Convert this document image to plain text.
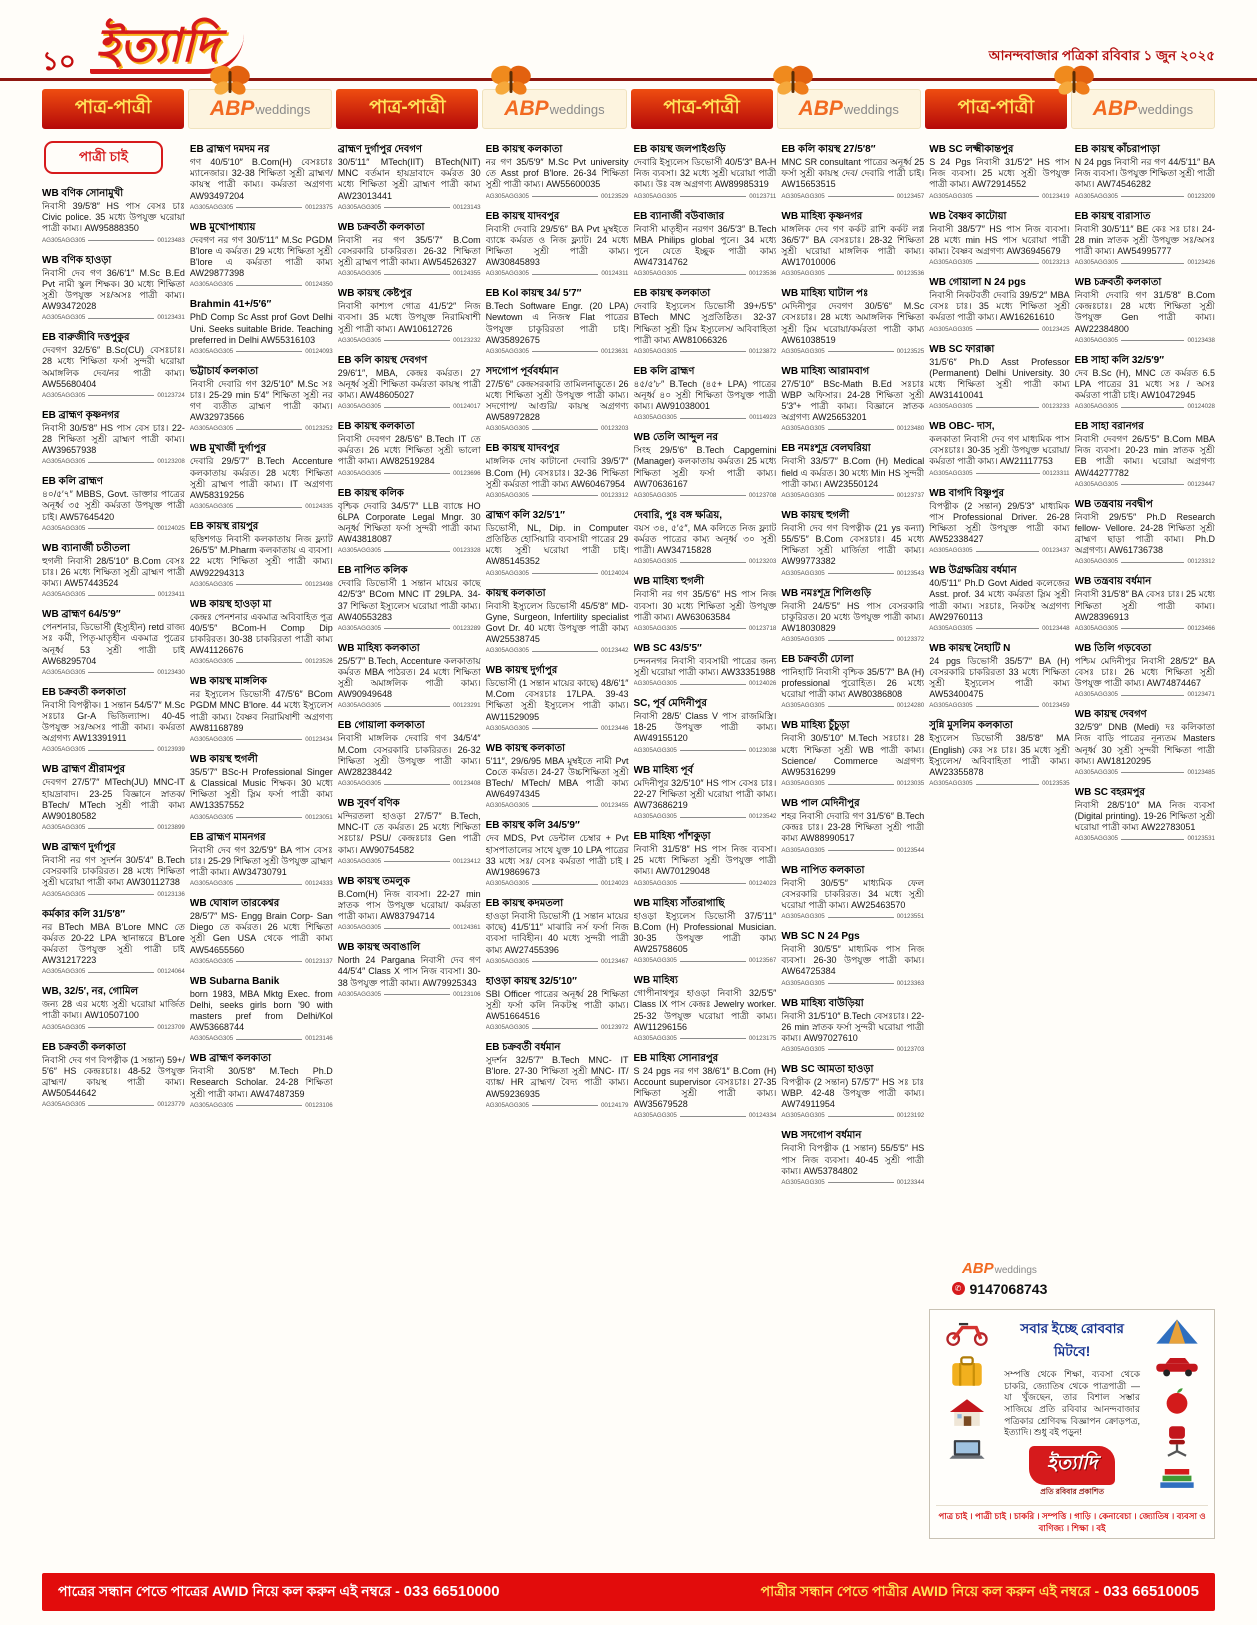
১০ ইত্যাদি	আনন্দবাজার পত্রিকা রবিবার ১ জুন ২০২৫
পাত্র-পাত্রী	ABP weddings	পাত্র-পাত্রী	ABP weddings	পাত্র-পাত্রী	ABP weddings	পাত্র-পাত্রী	ABP weddings
পাত্রী চাই
WB বণিক সোনামুখী
নিবাসী 39/5′8″ HS পাস বেসঃ চাঃ Civic police. 35 মধ্যে উপযুক্ত ঘরোয়া পাত্রী কাম্য। AW95888350
AG305AGG305	00123483
WB বণিক হাওড়া
নিবাসী দেব গণ 36/6′1″ M.Sc B.Ed Pvt নামী স্কুল শিক্ষক। 30 মধ্যে শিক্ষিতা সুশ্রী উপযুক্ত সঃ/অসঃ পাত্রী কাম্য। AW93472028
AG305AGG305	00123431
EB বারুজীবি দত্তপুকুর
দেবগণ 32/5′6″ B.Sc(CU) বেসঃচাঃ। 28 মধ্যে শিক্ষিতা ফর্সা সুন্দরী ঘরোয়া অমাঙ্গলিক দেব/নর পাত্রী কাম্য। AW55680404
AG305AGG305	00123724
EB ব্রাহ্মণ কৃষ্ণনগর
নিবাসী 30/5′8″ HS পাস বেস চাঃ। 22-28 শিক্ষিতা সুশ্রী ব্রাহ্মণ পাত্রী কাম্য। AW39657938
AG305AGG305	00123208
EB কলি ব্রাহ্মণ
৪০/৫′৭″ MBBS, Govt. ডাক্তার পাত্রের অনূর্ধ্ব ৩৫ সুশ্রী কর্মরতা উপযুক্ত পাত্রী চাই। AW57645420
AG305AGG305	00124025
WB ব্যানার্জী চতীতলা
হুগলী নিবাসী 28/5′10″ B.Com বেসঃ চাঃ। 26 মধ্যে শিক্ষিতা সুশ্রী ব্রাহ্মণ পাত্রী কাম্য। AW57443524
AG305AGG305	00123411
WB ব্রাহ্মণ 64/5′9″
পেনশনার, ডিভোর্সী (ইস্যুহীন) retd রাজ্য সঃ কর্মী, পিতৃ-মাতৃহীন একমাত্র পুত্রের অনূর্ধ্ব 53 সুশ্রী পাত্রী চাই AW68295704
AG305AGG305	00123430
EB চক্রবর্তী কলকাতা
নিবাসী বিপত্নীক। 1 সন্তান 54/5′7″ M.Sc সঃচাঃ Gr-A ভিজিল্যান্স। 40-45 উপযুক্ত সঃ/অসঃ পাত্রী কাম্য। কর্মরতা অগ্রগণ্য AW13391911
AG305AGG305	00123939
WB ব্রাহ্মণ শ্রীরামপুর
দেবগণ 27/5′7″ MTech(JU) MNC-IT হায়দ্রাবাদ। 23-25 বিজ্ঞানে স্নাতক/ BTech/ MTech সুশ্রী পাত্রী কাম্য AW90180582
AG305AGG305	00123899
WB ব্রাহ্মণ দুর্গাপুর
নিবাসী নর গণ সুদর্শন 30/5′4″ B.Tech বেসরকারি চাকরিরত। 28 মধ্যে শিক্ষিতা সুশ্রী ঘরোয়া পাত্রী কাম্য AW30112738
AG305AGG305	00123136
কর্মকার কলি 31/5′8″
নর BTech MBA B'Lore MNC তে কর্মরত 20-22 LPA স্থানান্তরে B'Lore কর্মরতা উপযুক্ত সুশ্রী পাত্রী চাই AW31217223
AG305AGG305	00124064
WB, 32/5′, নর, গোমিল
জন্য 28 এর মধ্যে সুশ্রী ঘরোয়া মার্জিত পাত্রী কাম্য। AW10507100
AG305AGG305	00123709
EB চক্রবর্তী কলকাতা
নিবাসী দেব গণ বিপত্নীক (1 সন্তান) 59+/ 5′6″ HS কেন্দ্রঃচাঃ। 48-52 উপযুক্ত ব্রাহ্মণ/ কায়স্থ পাত্রী কাম্য। AW50544642
AG305AGG305	00123779
EB ব্রাহ্মণ দমদম নর
গণ 40/5′10″ B.Com(H) বেসঃচাঃ ম্যানেজার। 32-38 শিক্ষিতা সুশ্রী ব্রাহ্মণ/ কায়স্থ পাত্রী কাম্য। কর্মরতা অগ্রগণ্য AW93497204
AG305AGG305	00123375
WB মুখোপাধ্যায়
দেবগণ নর গণ 30/5′11″ M.Sc PGDM B'lore এ কর্মরত। 29 মধ্যে শিক্ষিতা সুশ্রী B'lore এ কর্মরতা পাত্রী কাম্য AW29877398
AG305AGG305	00124350
Brahmin 41+/5′6″
PhD Comp Sc Asst prof Govt Delhi Uni. Seeks suitable Bride. Teaching preferred in Delhi AW55316103
AG305AGG305	00124093
ভট্টাচার্য কলকাতা
নিবাসী দেবারি গণ 32/5′10″ M.Sc সঃ চাঃ। 25-29 min 5′4″ শিক্ষিতা সুশ্রী নর গণ ব্যতীত ব্রাহ্মণ পাত্রী কাম্য। AW32973566
AG305AGG305	00123252
WB মুখার্জী দুর্গাপুর
দেবারি 29/5′7″ B.Tech Accenture কলকাতায় কর্মরত। 28 মধ্যে শিক্ষিতা সুশ্রী ব্রাহ্মণ পাত্রী কাম্য। IT অগ্রগণ্য AW58319256
AG305AGG305	00124335
EB কায়স্থ রায়পুর
ছত্তিশগড় নিবাসী কলকাতায় নিজ ফ্ল্যাট 26/5′5″ M.Pharm কলকাতায় এ ব্যবসা। 22 মধ্যে শিক্ষিতা সুশ্রী পাত্রী কাম্য। AW92294313
AG305AGG305	00123498
WB কায়স্থ হাওড়া মা
কেন্দ্রঃ পেনশনার একমাত্র অবিবাহিত পুত্র 40/5′5″ BCom-H Comp Dip চাকরিরত। 30-38 চাকরিরতা পাত্রী কাম্য AW41126676
AG305AGG305	00123526
WB কায়স্থ মাঙ্গলিক
নর ইস্যুলেস ডিভোর্সী 47/5′6″ BCom PGDM MNC B'lore. 44 মধ্যে ইস্যুলেস পাত্রী কাম্য। বৈষ্ণব নিরামিষাশী অগ্রগণ্য AW81168789
AG305AGG305	00123434
WB কায়স্থ হুগলী
35/5′7″ BSc-H Professional Singer & Classical Music শিক্ষক। 30 মধ্যে শিক্ষিতা সুশ্রী স্লিম ফর্সা পাত্রী কাম্য AW13357552
AG305AGG305	00123051
EB ব্রাহ্মণ মামনগর
নিবাসী দেব গণ 32/5′9″ BA পাস বেসঃ চাঃ। 25-29 শিক্ষিতা সুশ্রী উপযুক্ত ব্রাহ্মণ পাত্রী কাম্য। AW34730791
AG305AGG305	00124333
WB ঘোষাল তারকেশ্বর
28/5′7″ MS- Engg Brain Corp- San Diego তে কর্মরত। 26 মধ্যে শিক্ষিতা সুশ্রী Gen USA থেকে পাত্রী কাম্য AW54655560
AG305AGG305	00123137
WB Subarna Banik
born 1983, MBA Mktg Exec. from Delhi, seeks girls born '90 with masters pref from Delhi/Kol AW53668744
AG305AGG305	00123146
WB ব্রাহ্মণ কলকাতা
নিবাসী 30/5′8″ M.Tech Ph.D Research Scholar. 24-28 শিক্ষিতা সুশ্রী পাত্রী কাম্য। AW47487359
AG305AGG305	00123106
ব্রাহ্মণ দুর্গাপুর দেবগণ
30/5′11″ MTech(IIT) BTech(NIT) MNC বর্তমান হায়দ্রাবাদে কর্মরত 30 মধ্যে শিক্ষিতা সুশ্রী ব্রাহ্মণ পাত্রী কাম্য AW23013441
AG305AGG305	00123143
WB চক্রবর্তী কলকাতা
নিবাসী নর গণ 35/5′7″ B.Com বেসরকারি চাকরিরত। 26-32 শিক্ষিতা সুশ্রী ব্রাহ্মণ পাত্রী কাম্য। AW54526327
AG305AGG305	00124355
WB কায়স্থ কেষ্টপুর
নিবাসী কাশ্যপ গোত্র 41/5′2″ নিজ ব্যবসা। 35 মধ্যে উপযুক্ত নিরামিষাশী সুশ্রী পাত্রী কাম্য। AW10612726
AG305AGG305	00123232
EB কলি কায়স্থ দেবগণ
29/6′1″, MBA, কেন্দ্রঃ কর্মরত। 27 অনূর্ধ্ব সুশ্রী শিক্ষিতা কর্মরতা কায়স্থ পাত্রী কাম্য। AW48605027
AG305AGG305	00124017
EB কায়স্থ কলকাতা
নিবাসী দেবগণ 28/5′6″ B.Tech IT তে কর্মরত। 26 মধ্যে শিক্ষিতা সুশ্রী ভালো পাত্রী কাম্য। AW82519284
AG305AGG305	00123696
EB কায়স্থ কলিক
বৃশ্চিক দেবারি 34/5′7″ LLB ব্যাঙ্কে HO 6LPA Corporate Legal Mngr. 30 অনূর্ধ্ব শিক্ষিতা ফর্সা সুন্দরী পাত্রী কাম্য AW43818087
AG305AGG305	00123328
EB নাপিত কলিক
দেবারি ডিভোর্সী 1 সন্তান মায়ের কাছে 42/5′3″ BCom MNC IT 29LPA. 34-37 শিক্ষিতা ইস্যুলেস ঘরোয়া পাত্রী কাম্য। AW40553283
AG305AGG305	00123289
WB মাহিষ্য কলকাতা
25/5′7″ B.Tech, Accenture কলকাতায় কর্মরত MBA পাঠরত। 24 মধ্যে শিক্ষিতা সুশ্রী অমাঙ্গলিক পাত্রী কাম্য। AW90949648
AG305AGG305	00123291
EB গোয়ালা কলকাতা
নিবাসী মাঙ্গলিক দেবারি গণ 34/5′4″ M.Com বেসরকারি চাকরিরত। 26-32 শিক্ষিতা সুশ্রী উপযুক্ত পাত্রী কাম্য। AW28238442
AG305AGG305	00123408
WB সুবর্ণ বণিক
মন্দিরতলা হাওড়া 27/5′7″ B.Tech, MNC-IT তে কর্মরত। 25 মধ্যে শিক্ষিতা সঃচাঃ/ PSU/ কেন্দ্রঃচাঃ Gen পাত্রী কাম্য। AW90754582
AG305AGG305	00123412
WB কায়স্থ তমলুক
B.Com(H) নিজ ব্যবসা। 22-27 min স্নাতক পাস উপযুক্ত ঘরোয়া/ কর্মরতা পাত্রী কাম্য। AW83794714
AG305AGG305	00124361
WB কায়স্থ অবাঙালি
North 24 Pargana নিবাসী দেব গণ 44/5′4″ Class X পাস নিজ ব্যবসা। 30-38 উপযুক্ত পাত্রী কাম্য। AW79925343
AG305AGG305	00123106
EB কায়স্থ কলকাতা
নর গণ 35/5′9″ M.Sc Pvt university তে Asst prof B'lore. 26-34 শিক্ষিতা সুশ্রী পাত্রী কাম্য। AW55600035
AG305AGG305	00123529
EB কায়স্থ যাদবপুর
নিবাসী দেবারি 29/5′6″ BA Pvt মুম্বইতে ব্যাঙ্কে কর্মরত ও নিজ ফ্ল্যাট। 24 মধ্যে শিক্ষিতা সুশ্রী পাত্রী কাম্য। AW30845893
AG305AGG305	00124311
EB Kol কায়স্থ 34/ 5′7″
B.Tech Software Engr. (20 LPA) Newtown এ নিজস্ব Flat পাত্রের উপযুক্ত চাকুরিরতা পাত্রী চাই। AW35892675
AG305AGG305	00123631
সদগোপ পূর্ববর্ধমান
27/5′6″ কেন্দ্রসরকারি তামিলনাড়ুতে। 26 মধ্যে শিক্ষিতা সুশ্রী উপযুক্ত পাত্রী কাম্য। সদগোপ/ আগুরি/ কায়স্থ অগ্রগণ্য AW58972828
AG305AGG305	00123203
EB কায়স্থ যাদবপুর
মাঙ্গলিক দোষ কাটানো দেবারি 39/5′7″ B.Com (H) বেসঃচাঃ। 32-36 শিক্ষিতা সুশ্রী কর্মরতা পাত্রী কাম্য AW60467954
AG305AGG305	00123312
ব্রাহ্মণ কলি 32/5′1″
ডিভোর্সী, NL, Dip. in Computer প্রতিষ্ঠিত হোসিয়ারি ব্যবসায়ী পাত্রের 29 মধ্যে সুশ্রী ঘরোয়া পাত্রী চাই। AW85145352
AG305AGG305	00124024
কায়স্থ কলকাতা
নিবাসী ইস্যুলেস ডিভোর্সী 45/5′8″ MD- Gyne, Surgeon, Infertility specialist Govt Dr. 40 মধ্যে উপযুক্ত পাত্রী কাম্য AW25538745
AG305AGG305	00123442
WB কায়স্থ দুর্গাপুর
ডিভোর্সী (1 সন্তান মায়ের কাছে) 48/6′1″ M.Com বেসঃচাঃ 17LPA. 39-43 শিক্ষিতা সুশ্রী ইস্যুলেস পাত্রী কাম্য। AW11529095
AG305AGG305	00123446
WB কায়স্থ কলকাতা
5′11″, 29/6/95 MBA মুম্বইতে নামী Pvt Coতে কর্মরত। 24-27 উচ্চশিক্ষিতা সুশ্রী BTech/ MTech/ MBA পাত্রী কাম্য AW64974345
AG305AGG305	00123455
EB কায়স্থ কলি 34/5′9″
দেব MDS, Pvt ডেন্টাল চেম্বার + Pvt হাসপাতালের সাথে যুক্ত 10 LPA পাত্রের 33 মধ্যে সঃ/ বেসঃ কর্মরতা পাত্রী চাই I AW19869673
AG305AGG305	00124023
EB কায়স্থ কদমতলা
হাওড়া নিবাসী ডিভোর্সী (1 সন্তান মায়ের কাছে) 41/5′11″ মাঝারি নর্স ফর্সা নিজ ব্যবসা দাবিহীন। 40 মধ্যে সুন্দরী পাত্রী কাম্য AW27455396
AG305AGG305	00123467
হাওড়া কায়স্থ 32/5′10″
SBI Officer পাত্রের অনূর্ধ্ব 28 শিক্ষিতা সুশ্রী ফর্সা কলি নিকটস্থ পাত্রী কাম্য। AW51664516
AG305AGG305	00123972
EB চক্রবর্তী বর্ধমান
সুদর্শন 32/5′7″ B.Tech MNC- IT B'lore. 27-30 শিক্ষিতা সুশ্রী MNC- IT/ ব্যাঙ্ক/ HR ব্রাহ্মণ/ বৈদ্য পাত্রী কাম্য। AW59236935
AG305AGG305	00124179
EB কায়স্থ জলপাইগুড়ি
দেবারি ইস্যুলেস ডিভোর্সী 40/5′3″ BA-H নিজ ব্যবসা। 32 মধ্যে সুশ্রী ঘরোয়া পাত্রী কাম্য। উঃ বঙ্গ অগ্রগণ্য AW89985319
AG305AGG305	00123711
EB ব্যানার্জী বউবাজার
নিবাসী মাতৃহীন নরগণ 36/5′3″ B.Tech MBA Philips global পুনে। 34 মধ্যে পুনে যেতে ইচ্ছুক পাত্রী কাম্য AW47314762
AG305AGG305	00123536
EB কায়স্থ কলকাতা
দেবারি ইস্যুলেস ডিভোর্সী 39+/5′5″ BTech MNC সুপ্রতিষ্ঠিত। 32-37 শিক্ষিতা সুশ্রী স্লিম ইস্যুলেস/ অবিবাহিতা পাত্রী কাম্য AW81066326
AG305AGG305	00123872
EB কলি ব্রাহ্মণ
৪৫/৫′৮″ B.Tech (৪৫+ LPA) পাত্রের অনূর্ধ্ব ৪০ সুশ্রী শিক্ষিতা উপযুক্ত পাত্রী কাম্য। AW91038001
AG305AGG305	00114923
WB তেলি আব্দুল নর
সিংহ 29/5′6″ B.Tech Capgemini (Manager) কলকাতায় কর্মরত। 25 মধ্যে শিক্ষিতা সুশ্রী ফর্সা পাত্রী কাম্য। AW70636167
AG305AGG305	00123708
দেবারি, পুঃ বঙ্গ ক্ষত্রিয়,
বয়স ৩৪, ৫′৫″, MA কলিতে নিজ ফ্ল্যাট কর্মরত পাত্রের কাম্য অনূর্ধ্ব ৩০ সুশ্রী পাত্রী। AW34715828
AG305AGG305	00123203
WB মাহিষ্য হুগলী
নিবাসী নর গণ 35/5′6″ HS পাস নিজ ব্যবসা। 30 মধ্যে শিক্ষিতা সুশ্রী উপযুক্ত পাত্রী কাম্য। AW63063584
AG305AGG305	00123718
WB SC 43/5′5″
চন্দননগর নিবাসী ব্যবসায়ী পাত্রের জন্য সুশ্রী ঘরোয়া পাত্রী কাম্য। AW33351988
AG305AGG305	00124026
SC, পূর্ব মেদিনীপুর
নিবাসী 28/5′ Class V পাস রাজমিস্ত্রি। 18-25 উপযুক্ত পাত্রী কাম্য। AW49155120
AG305AGG305	00123038
WB মাহিষ্য পূর্ব
মেদিনীপুর 32/5′10″ HS পাস বেসঃ চাঃ। 22-27 শিক্ষিতা সুশ্রী ঘরোয়া পাত্রী কাম্য। AW73686219
AG305AGG305	00123542
EB মাহিষ্য পাঁশকুড়া
নিবাসী 31/5′8″ HS পাস নিজ ব্যবসা। 25 মধ্যে শিক্ষিতা সুশ্রী উপযুক্ত পাত্রী কাম্য। AW70129048
AG305AGG305	00124023
WB মাহিষ্য সাঁতরাগাছি
হাওড়া ইস্যুলেস ডিভোর্সী 37/5′11″ B.Com (H) Professional Musician. 30-35 উপযুক্ত পাত্রী কাম্য AW25758605
AG305AGG305	00123567
WB মাহিষ্য
গোপীনাথপুর হাওড়া নিবাসী 32/5′5″ Class IX পাস কেন্দ্রঃ Jewelry worker. 25-32 উপযুক্ত ঘরোয়া পাত্রী কাম্য। AW11296156
AG305AGG305	00123175
EB মাহিষ্য সোনারপুর
S 24 pgs নর গণ 38/6′1″ B.Com (H) Account supervisor বেসঃচাঃ। 27-35 শিক্ষিতা সুশ্রী পাত্রী কাম্য। AW35679528
AG305AGG305	00124334
EB কলি কায়স্থ 27/5′8″
MNC SR consultant পাত্রের অনূর্ধ্ব 25 ফর্সা সুশ্রী কায়স্থ দেব/ দেবারি পাত্রী চাই। AW15653515
AG305AGG305	00123457
WB মাহিষ্য কৃষ্ণনগর
মাঙ্গলিক দেব গণ কর্কট রাশি কর্কট লগ্ন 36/5′7″ BA বেসঃচাঃ। 28-32 শিক্ষিতা সুশ্রী ঘরোয়া মাঙ্গলিক পাত্রী কাম্য। AW17010006
AG305AGG305	00123536
WB মাহিষ্য ঘাটাল পঃ
মেদিনীপুর দেবগণ 30/5′6″ M.Sc বেসঃচাঃ। 28 মধ্যে অমাঙ্গলিক শিক্ষিতা সুশ্রী স্লিম ঘরোয়া/কর্মরতা পাত্রী কাম্য AW61038519
AG305AGG305	00123525
WB মাহিষ্য আরামবাগ
27/5′10″ BSc-Math B.Ed সঃচাঃ WBP অফিসার। 24-28 শিক্ষিতা সুশ্রী 5′3″+ পাত্রী কাম্য। বিজ্ঞানে স্নাতক অগ্রগণ্য AW25653201
AG305AGG305	00123480
EB নমঃশূদ্র বেলঘরিয়া
নিবাসী 33/5′7″ B.Com (H) Medical field এ কর্মরত। 30 মধ্যে Min HS সুন্দরী পাত্রী কাম্য। AW23550124
AG305AGG305	00123737
WB কায়স্থ হুগলী
নিবাসী দেব গণ বিপত্নীক (21 ys কন্যা) 55/5′5″ B.Com বেসঃচাঃ। 45 মধ্যে শিক্ষিতা সুশ্রী মার্জিতা পাত্রী কাম্য। AW99773382
AG305AGG305	00123543
WB নমঃশূদ্র শিলিগুড়ি
নিবাসী 24/5′5″ HS পাস বেসরকারি চাকুরিরত। 20 মধ্যে উপযুক্ত পাত্রী কাম্য। AW18030829
AG305AGG305	00123372
EB চক্রবর্তী ঢোলা
পানিহাটি নিবাসী বৃশ্চিক 35/5′7″ BA (H) professional পুরোহিত। 26 মধ্যে ঘরোয়া পাত্রী কাম্য AW80386808
AG305AGG305	00124280
WB মাহিষ্য চুঁচুড়া
নিবাসী 30/5′10″ M.Tech সঃচাঃ। 28 মধ্যে শিক্ষিতা সুশ্রী WB পাত্রী কাম্য। Science/ Commerce অগ্রগণ্য AW95316299
AG305AGG305	00123035
WB পাল মেদিনীপুর
শহর নিবাসী দেবারি গণ 31/5′6″ B.Tech কেন্দ্রঃ চাঃ। 23-28 শিক্ষিতা সুশ্রী পাত্রী কাম্য AW88990517
AG305AGG305	00123544
WB নাপিত কলকাতা
নিবাসী 30/5′5″ মাধ্যমিক ফেল বেসরকারি চাকরিরত। 34 মধ্যে সুশ্রী ঘরোয়া পাত্রী কাম্য। AW25463570
AG305AGG305	00123551
WB SC N 24 Pgs
নিবাসী 30/5′5″ মাধ্যমিক পাস নিজ ব্যবসা। 26-30 উপযুক্ত পাত্রী কাম্য। AW64725384
AG305AGG305	00123363
WB মাহিষ্য বাউড়িয়া
নিবাসী 31/5′10″ B.Tech বেসঃচাঃ। 22-26 min স্নাতক ফর্সা সুন্দরী ঘরোয়া পাত্রী কাম্য। AW97027610
AG305AGG305	00123703
WB SC আমতা হাওড়া
বিপত্নীক (2 সন্তান) 57/5′7″ HS সঃ চাঃ WBP. 42-48 উপযুক্ত পাত্রী কাম্য। AW74911954
AG305AGG305	00123192
WB সদগোপ বর্ধমান
নিবাসী বিপত্নীক (1 সন্তান) 55/5′5″ HS পাস নিজ ব্যবসা। 40-45 সুশ্রী পাত্রী কাম্য। AW53784802
AG305AGG305	00123344
WB SC লক্ষ্মীকান্তপুর
S 24 Pgs নিবাসী 31/5′2″ HS পাস নিজ ব্যবসা। 25 মধ্যে সুশ্রী উপযুক্ত পাত্রী কাম্য। AW72914552
AG305AGG305	00123419
WB বৈষ্ণব কাটোয়া
নিবাসী 38/5′7″ HS পাস নিজ ব্যবসা। 28 মধ্যে min HS পাস ঘরোয়া পাত্রী কাম্য। বৈষ্ণব অগ্রগণ্য AW36945679
AG305AGG305	00123213
WB গোয়ালা N 24 pgs
নিবাসী নিকটবর্তী দেবারি 39/5′2″ MBA বেসঃ চাঃ। 35 মধ্যে শিক্ষিতা সুশ্রী কর্মরতা পাত্রী কাম্য। AW16261610
AG305AGG305	00123425
WB SC ফারাক্কা
31/5′6″ Ph.D Asst Professor (Permanent) Delhi University. 30 মধ্যে শিক্ষিতা সুশ্রী পাত্রী কাম্য AW31410041
AG305AGG305	00123233
WB OBC- দাস,
কলকাতা নিবাসী দেব গণ মাধ্যমিক পাস বেসঃচাঃ। 30-35 সুশ্রী উপযুক্ত ঘরোয়া/ কর্মরতা পাত্রী কাম্য। AW21117753
AG305AGG305	00123311
WB বাগদি বিষ্ণুপুর
বিপত্নীক (2 সন্তান) 29/5′3″ মাধ্যমিক পাস Professional Driver. 26-28 শিক্ষিতা সুশ্রী উপযুক্ত পাত্রী কাম্য AW52338427
AG305AGG305	00123437
WB উগ্রক্ষত্রিয় বর্ধমান
40/5′11″ Ph.D Govt Aided কলেজের Asst. prof. 34 মধ্যে কর্মরতা স্লিম সুশ্রী পাত্রী কাম্য। সঃচাঃ, নিকটস্থ অগ্রগণ্য AW29760113
AG305AGG305	00123448
WB কায়স্থ নৈহাটি N
24 pgs ডিভোর্সী 35/5′7″ BA (H) বেসরকারি চাকরিরতা 33 মধ্যে শিক্ষিতা সুশ্রী ইস্যুলেস পাত্রী কাম্য AW53400475
AG305AGG305	00123459
সুন্নি মুসলিম কলকাতা
ইস্যুলেস ডিভোর্সী 38/5′8″ MA (English) কেঃ সঃ চাঃ। 35 মধ্যে সুশ্রী ইস্যুলেস/ অবিবাহিতা পাত্রী কাম্য। AW23355878
AG305AGG305	00123535
ABPweddings
✆ 9147068743
EB কায়স্থ কাঁচরাপাড়া
N 24 pgs নিবাসী নর গণ 44/5′11″ BA নিজ ব্যবসা। উপযুক্ত শিক্ষিতা সুশ্রী পাত্রী কাম্য। AW74546282
AG305AGG305	00123209
EB কায়স্থ বারাসাত
নিবাসী 30/5′11″ BE কেঃ সঃ চাঃ। 24-28 min স্নাতক সুশ্রী উপযুক্ত সঃ/অসঃ পাত্রী কাম্য। AW54995777
AG305AGG305	00123426
WB চক্রবর্তী কলকাতা
নিবাসী দেবারি গণ 31/5′8″ B.Com কেন্দ্রঃচাঃ। 28 মধ্যে শিক্ষিতা সুশ্রী উপযুক্ত Gen পাত্রী কাম্য। AW22384800
AG305AGG305	00123438
EB সাহা কলি 32/5′9″
দেব B.Sc (H), MNC তে কর্মরত 6.5 LPA পাত্রের 31 মধ্যে সঃ / অসঃ কর্মরতা পাত্রী চাই। AW10472945
AG305AGG305	00124028
EB সাহা বরানগর
নিবাসী দেবগণ 26/5′5″ B.Com MBA নিজ ব্যবসা। 20-23 min স্নাতক সুশ্রী EB পাত্রী কাম্য। ঘরোয়া অগ্রগণ্য AW44277782
AG305AGG305	00123447
WB তন্ত্রবায় নবদ্বীপ
নিবাসী 29/5′5″ Ph.D Research fellow- Vellore. 24-28 শিক্ষিতা সুশ্রী ব্রাহ্মণ ছাড়া পাত্রী কাম্য। Ph.D অগ্রগণ্য। AW61736738
AG305AGG305	00123312
WB তন্ত্রবায় বর্ধমান
নিবাসী 31/5′8″ BA বেসঃ চাঃ। 25 মধ্যে শিক্ষিতা সুশ্রী পাত্রী কাম্য। AW28396913
AG305AGG305	00123466
WB তিলি গড়বেতা
পশ্চিম মেদিনীপুর নিবাসী 28/5′2″ BA বেসঃ চাঃ। 26 মধ্যে শিক্ষিতা সুশ্রী উপযুক্ত পাত্রী কাম্য। AW74874467
AG305AGG305	00123471
WB কায়স্থ দেবগণ
32/5′9″ DNB (Medi) দঃ কলিকাতা নিজ বাড়ি পাত্রের নূন্যতম Masters অনূর্ধ্ব 30 সুশ্রী সুন্দরী শিক্ষিতা পাত্রী কাম্য। AW18120295
AG305AGG305	00123485
WB SC বহরমপুর
নিবাসী 28/5′10″ MA নিজ ব্যবসা (Digital printing). 19-26 শিক্ষিতা সুশ্রী ঘরোয়া পাত্রী কাম্য AW22783051
AG305AGG305	00123531
সবার ইচ্ছে রোববার মিটবে!
সম্পত্তি থেকে শিক্ষা, ব্যবসা থেকে চাকরি, জ্যোতিষ থেকে পাত্রপাত্রী — যা খুঁজছেন, তার বিশাল সম্ভার সাজিয়ে প্রতি রবিবার আনন্দবাজার পত্রিকার শ্রেণিবদ্ধ বিজ্ঞাপন ক্রোড়পত্র, ইত্যাদি। শুধু বই পড়ুন!
ইত্যাদি
প্রতি রবিবার প্রকাশিত
পাত্র চাই । পাত্রী চাই । চাকরি । সম্পত্তি । গাড়ি । কেনাবেচা । জ্যোতিষ । ব্যবসা ও বাণিজ্য । শিক্ষা । বই
পাত্রের সন্ধান পেতে পাত্রের AWID নিয়ে কল করুন এই নম্বরে - 033 66510000	পাত্রীর সন্ধান পেতে পাত্রীর AWID নিয়ে কল করুন এই নম্বরে - 033 66510005
